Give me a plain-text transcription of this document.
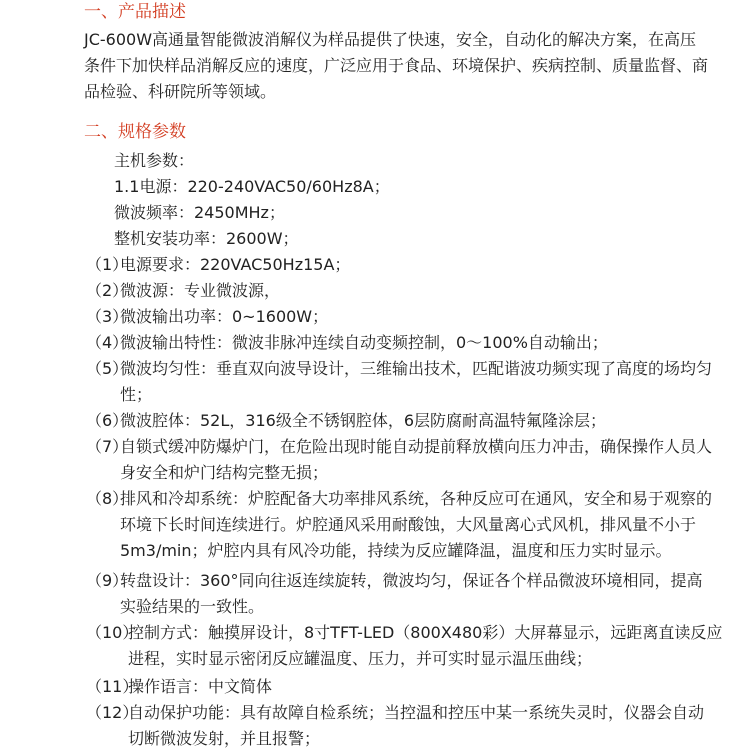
一、产品描述
JC-600W高通量智能微波消解仪为样品提供了快速，安全，自动化的解决方案，在高压
条件下加快样品消解反应的速度，广泛应用于食品、环境保护、疾病控制、质量监督、商
品检验、科研院所等领域。
二、规格参数
主机参数：
1.1电源：220-240VAC50/60Hz8A；
微波频率：2450MHz；
整机安装功率：2600W；
（1）
电源要求：220VAC50Hz15A；
（2）
微波源：专业微波源，
（3）
微波输出功率：0~1600W；
（4）
微波输出特性：微波非脉冲连续自动变频控制，0～100%自动输出；
（5）
微波均匀性：垂直双向波导设计，三维输出技术，匹配谐波功频实现了高度的场均匀
性；
（6）
微波腔体：52L，316级全不锈钢腔体，6层防腐耐高温特氟隆涂层；
（7）
自锁式缓冲防爆炉门，在危险出现时能自动提前释放横向压力冲击，确保操作人员人
身安全和炉门结构完整无损；
（8）
排风和冷却系统：炉腔配备大功率排风系统，各种反应可在通风，安全和易于观察的
环境下长时间连续进行。炉腔通风采用耐酸蚀，大风量离心式风机，排风量不小于
5m3/min；炉腔内具有风冷功能，持续为反应罐降温，温度和压力实时显示。
（9）
转盘设计：360°同向往返连续旋转，微波均匀，保证各个样品微波环境相同，提高
实验结果的一致性。
（10）
控制方式：触摸屏设计，8寸TFT-LED（800X480彩）大屏幕显示，远距离直读反应
进程，实时显示密闭反应罐温度、压力，并可实时显示温压曲线；
（11）
操作语言：中文简体
（12）
自动保护功能：具有故障自检系统；当控温和控压中某一系统失灵时，仪器会自动
切断微波发射，并且报警；
